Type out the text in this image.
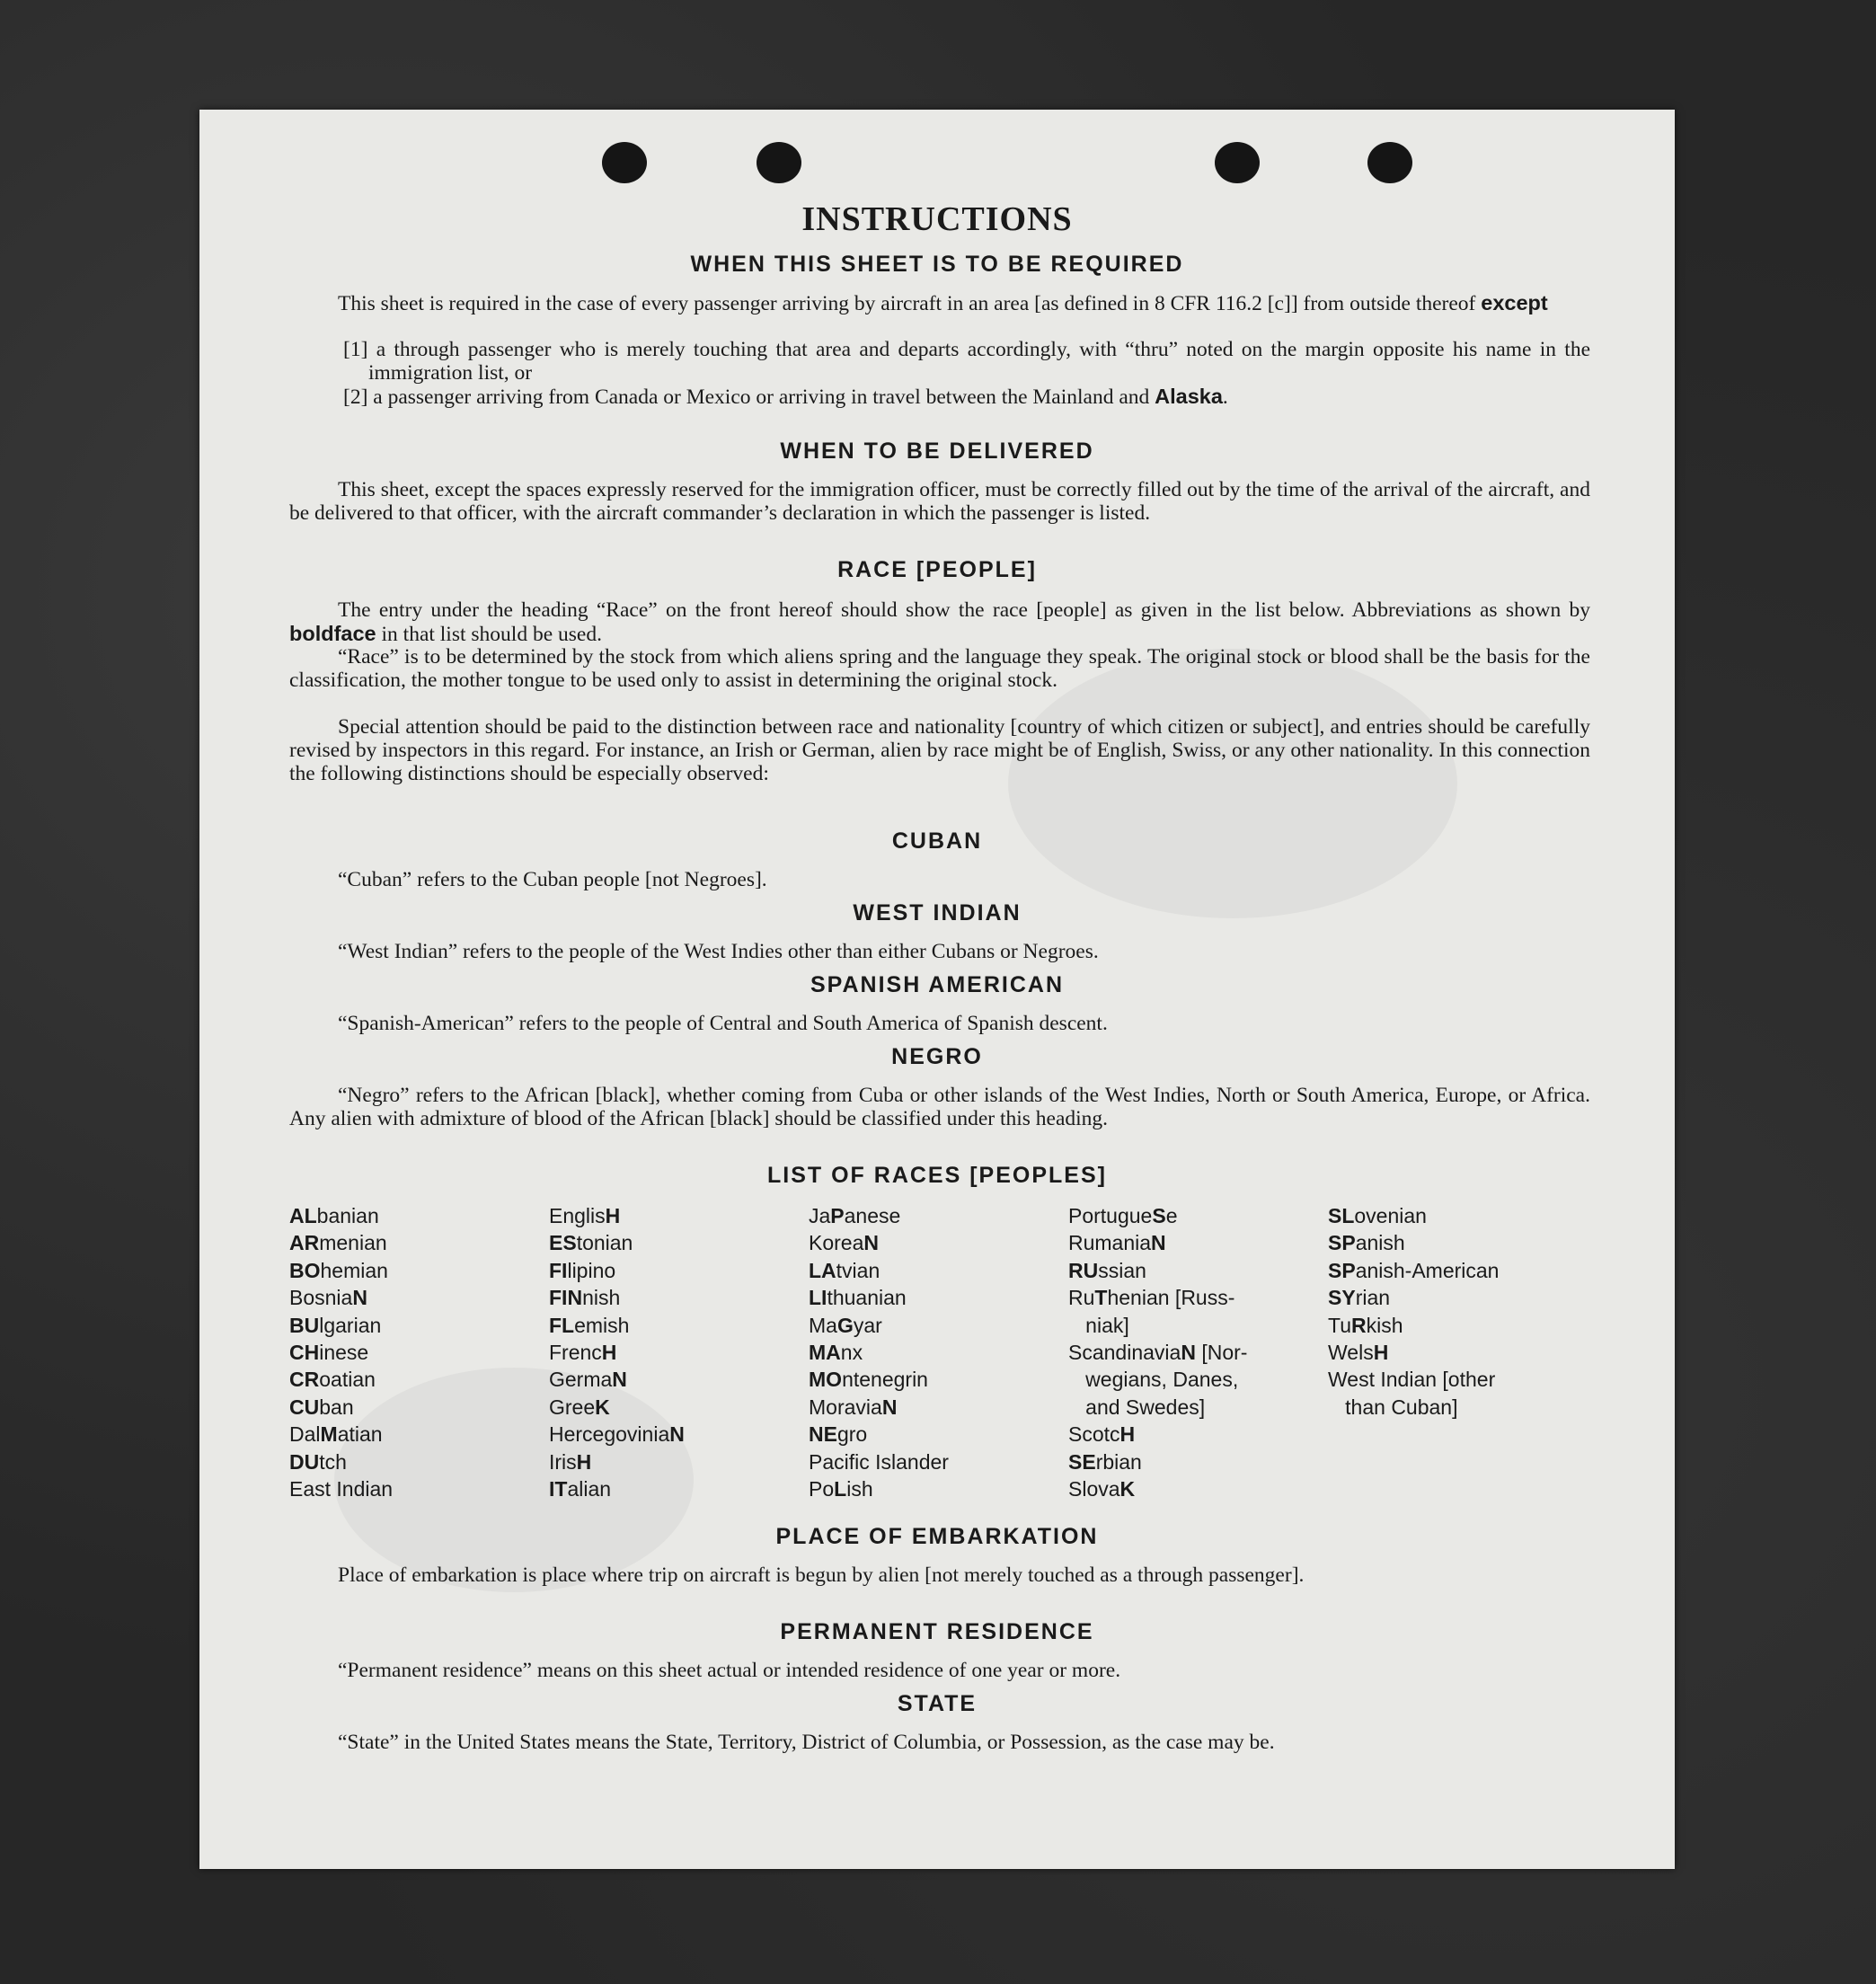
INSTRUCTIONS
WHEN THIS SHEET IS TO BE REQUIRED
This sheet is required in the case of every passenger arriving by aircraft in an area [as defined in 8 CFR 116.2 [c]] from outside thereof except
[1] a through passenger who is merely touching that area and departs accordingly, with “thru” noted on the margin opposite his name in the immigration list, or
[2] a passenger arriving from Canada or Mexico or arriving in travel between the Mainland and Alaska.
WHEN TO BE DELIVERED
This sheet, except the spaces expressly reserved for the immigration officer, must be correctly filled out by the time of the arrival of the aircraft, and be delivered to that officer, with the aircraft commander’s declaration in which the passenger is listed.
RACE [PEOPLE]
The entry under the heading “Race” on the front hereof should show the race [people] as given in the list below. Abbreviations as shown by boldface in that list should be used.
“Race” is to be determined by the stock from which aliens spring and the language they speak. The original stock or blood shall be the basis for the classification, the mother tongue to be used only to assist in determining the original stock.
Special attention should be paid to the distinction between race and nationality [country of which citizen or subject], and entries should be carefully revised by inspectors in this regard. For instance, an Irish or German, alien by race might be of English, Swiss, or any other nationality. In this connection the following distinctions should be especially observed:
CUBAN
“Cuban” refers to the Cuban people [not Negroes].
WEST INDIAN
“West Indian” refers to the people of the West Indies other than either Cubans or Negroes.
SPANISH AMERICAN
“Spanish-American” refers to the people of Central and South America of Spanish descent.
NEGRO
“Negro” refers to the African [black], whether coming from Cuba or other islands of the West Indies, North or South America, Europe, or Africa. Any alien with admixture of blood of the African [black] should be classified under this heading.
LIST OF RACES [PEOPLES]
ALbanian
ARmenian
BOhemian
BosniaN
BUlgarian
CHinese
CRoatian
CUban
DalMatian
DUtch
East Indian
EnglisH
EStonian
FIlipino
FINnish
FLemish
FrencH
GermaN
GreeK
HercegoviniaN
IrisH
ITalian
JaPanese
KoreaN
LAtvian
LIthuanian
MaGyar
MAnx
MOntenegrin
MoraviaN
NEgro
Pacific Islander
PoLish
PortugueSe
RumaniaN
RUssian
RuThenian [Russ-
niak]
ScandinaviaN [Nor-
wegians, Danes,
and Swedes]
ScotcH
SErbian
SlovaK
SLovenian
SPanish
SPanish-American
SYrian
TuRkish
WelsH
West Indian [other
than Cuban]
PLACE OF EMBARKATION
Place of embarkation is place where trip on aircraft is begun by alien [not merely touched as a through passenger].
PERMANENT RESIDENCE
“Permanent residence” means on this sheet actual or intended residence of one year or more.
STATE
“State” in the United States means the State, Territory, District of Columbia, or Possession, as the case may be.
